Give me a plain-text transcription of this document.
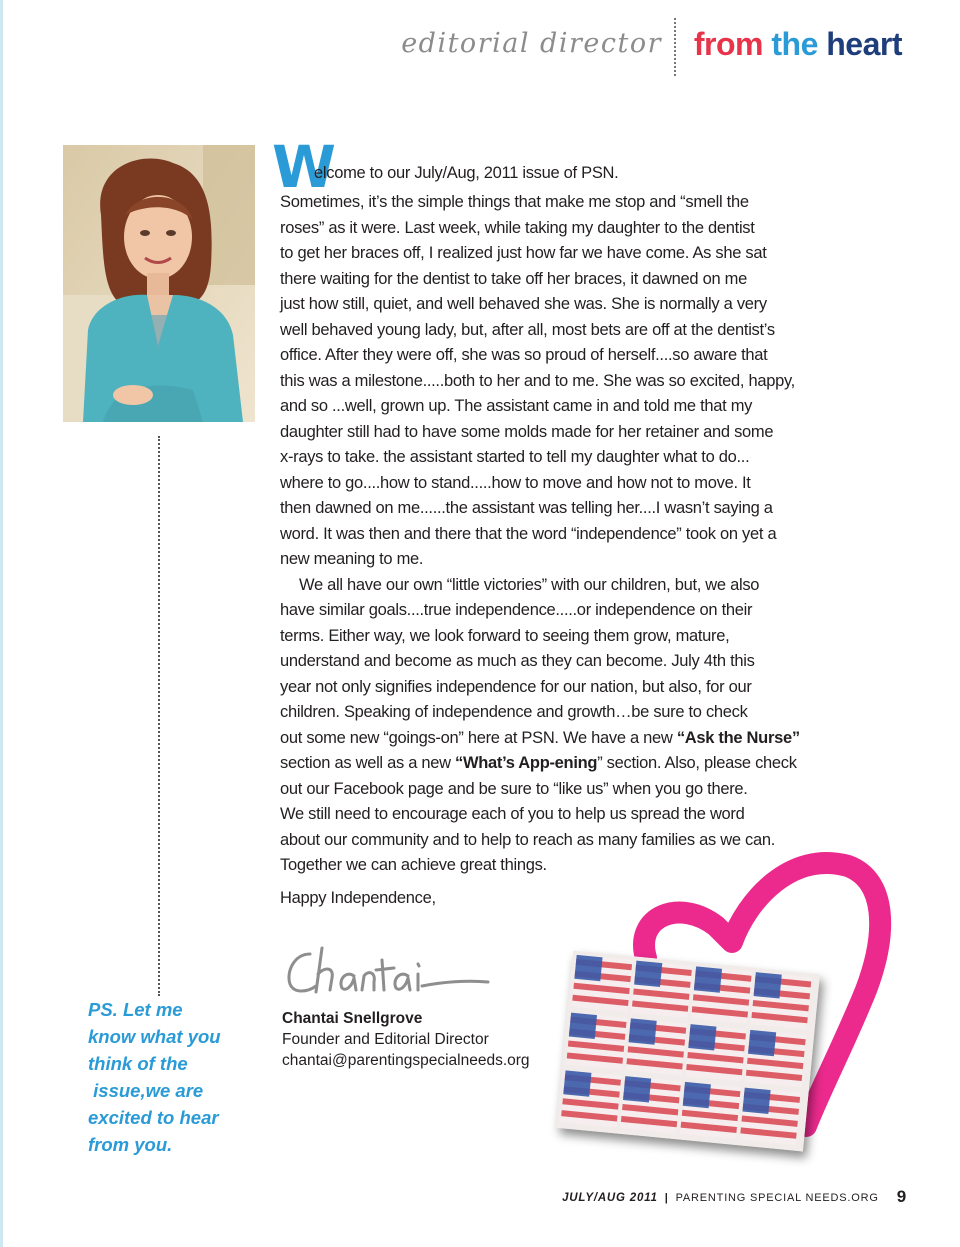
editorial director from the heart
PS. Let me
know what you
think of the
issue,we are
excited to hear
from you.
W
elcome to our July/Aug, 2011 issue of PSN.

Sometimes, it’s the simple things that make me stop and “smell the
roses” as it were. Last week, while taking my daughter to the dentist
to get her braces off, I realized just how far we have come. As she sat
there waiting for the dentist to take off her braces, it dawned on me
just how still, quiet, and well behaved she was. She is normally a very
well behaved young lady, but, after all, most bets are off at the dentist’s
office. After they were off, she was so proud of herself....so aware that
this was a milestone.....both to her and to me. She was so excited, happy,
and so ...well, grown up. The assistant came in and told me that my
daughter still had to have some molds made for her retainer and some
x-rays to take. the assistant started to tell my daughter what to do...
where to go....how to stand.....how to move and how not to move. It
then dawned on me......the assistant was telling her....I wasn’t saying a
word. It was then and there that the word “independence” took on yet a
new meaning to me.

We all have our own “little victories” with our children, but, we also
have similar goals....true independence.....or independence on their
terms. Either way, we look forward to seeing them grow, mature,
understand and become as much as they can become. July 4th this
year not only signifies independence for our nation, but also, for our
children. Speaking of independence and growth…be sure to check
out some new “goings-on” here at PSN. We have a new “Ask the Nurse”
section as well as a new “What’s App-ening” section. Also, please check
out our Facebook page and be sure to “like us” when you go there.
We still need to encourage each of you to help us spread the word
about our community and to help to reach as many families as we can.
Together we can achieve great things.

Happy Independence,

Chantai Snellgrove
Founder and Editorial Director
chantai@parentingspecialneeds.org
JULY/AUG 2011 | PARENTING SPECIAL NEEDS.ORG 9
